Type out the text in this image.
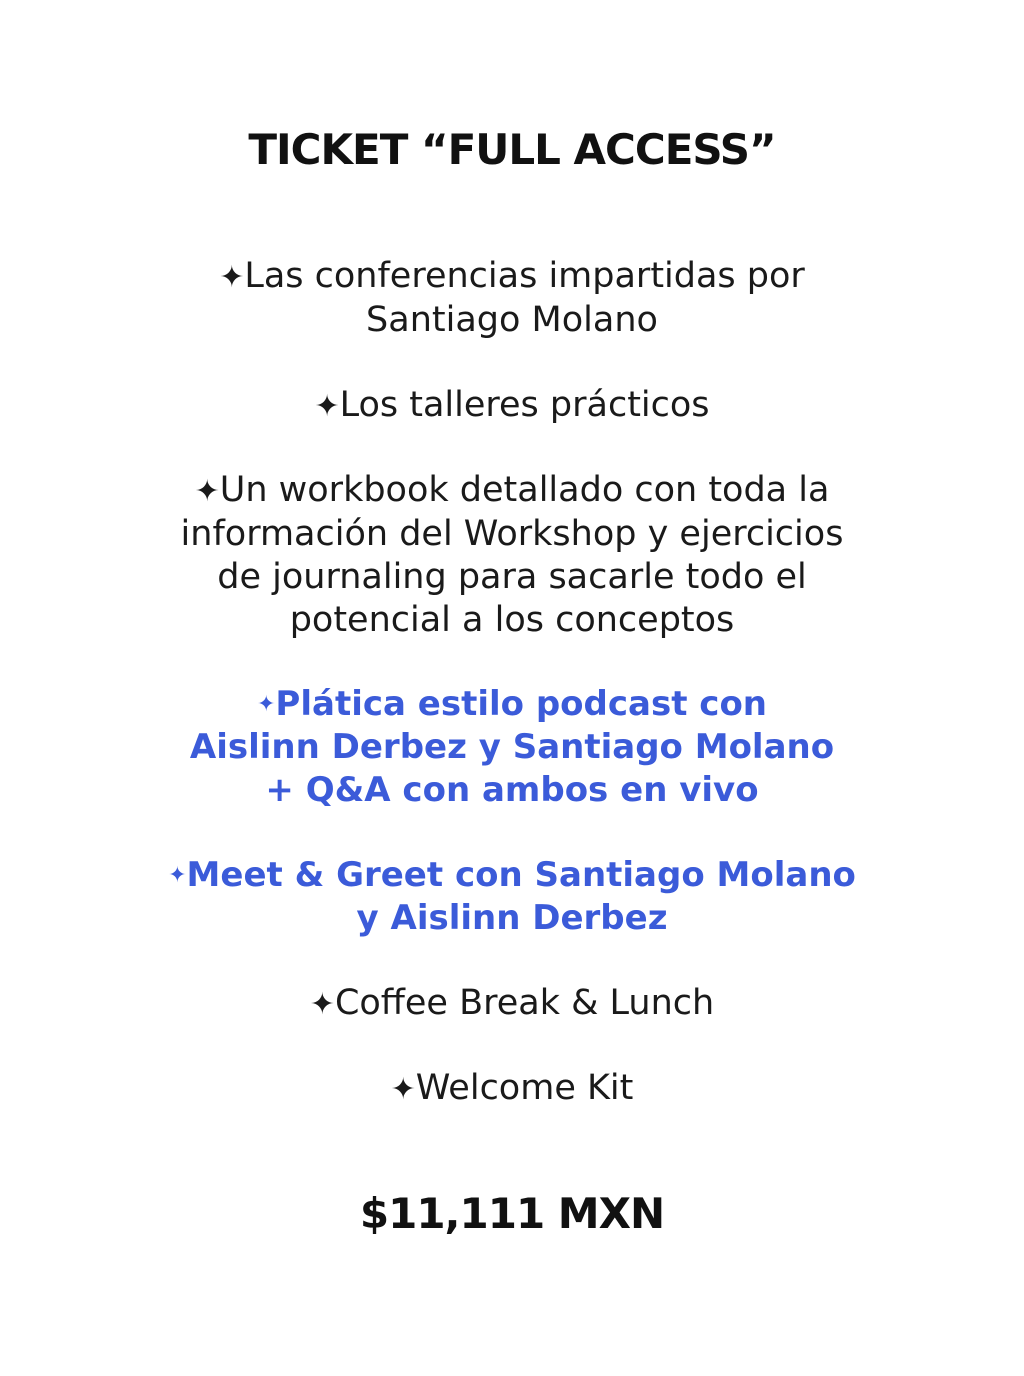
TICKET “FULL ACCESS”
✦Las conferencias impartidas por
Santiago Molano
✦Los talleres prácticos
✦Un workbook detallado con toda la
información del Workshop y ejercicios
de journaling para sacarle todo el
potencial a los conceptos
✦Plática estilo podcast con
Aislinn Derbez y Santiago Molano
+ Q&A con ambos en vivo
✦Meet & Greet con Santiago Molano
y Aislinn Derbez
✦Coffee Break & Lunch
✦Welcome Kit
$11,111 MXN
